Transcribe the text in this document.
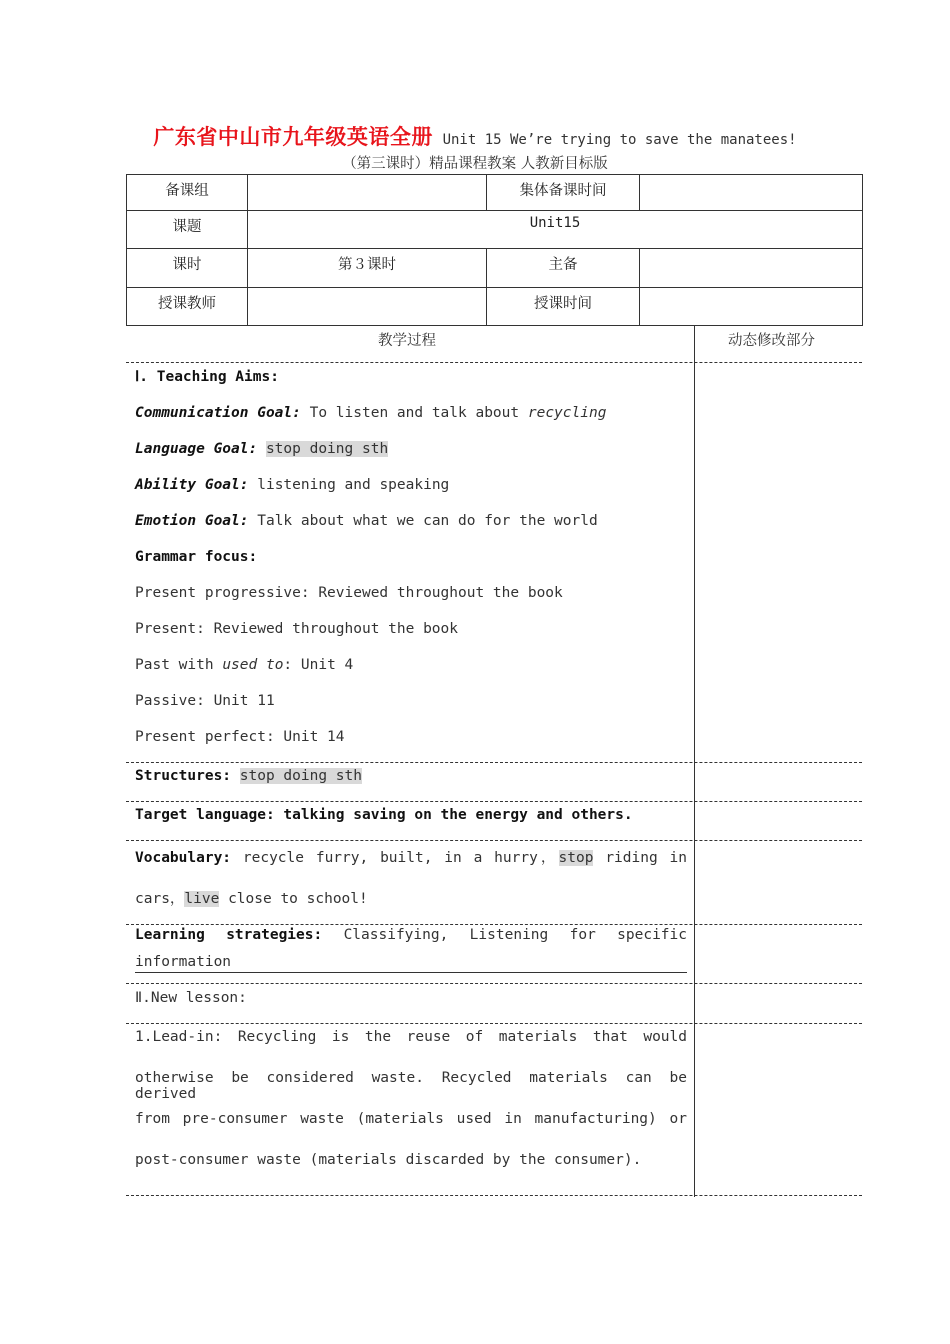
广东省中山市九年级英语全册 Unit 15 We’re trying to save the manatees!
（第三课时）精品课程教案 人教新目标版
备课组		集体备课时间	
课题	Unit15		
课时	第３课时	主备	
授课教师		授课时间	
教学过程	动态修改部分
Ⅰ. Teaching Aims:
Communication Goal: To listen and talk about recycling
Language Goal: stop doing sth
Ability Goal: listening and speaking
Emotion Goal: Talk about what we can do for the world
Grammar focus:
Present progressive: Reviewed throughout the book
Present: Reviewed throughout the book
Past with used to: Unit 4
Passive: Unit 11
Present perfect: Unit 14
Structures: stop doing sth
Target language: talking saving on the energy and others.
Vocabulary: recycle furry, built, in a hurry，stop riding in
cars，live close to school!
Learning strategies: Classifying, Listening for specific
information
Ⅱ.New lesson:
1.Lead-in: Recycling is the reuse of materials that would
otherwise be considered waste. Recycled materials can be derived
from pre-consumer waste (materials used in manufacturing) or
post-consumer waste (materials discarded by the consumer).
